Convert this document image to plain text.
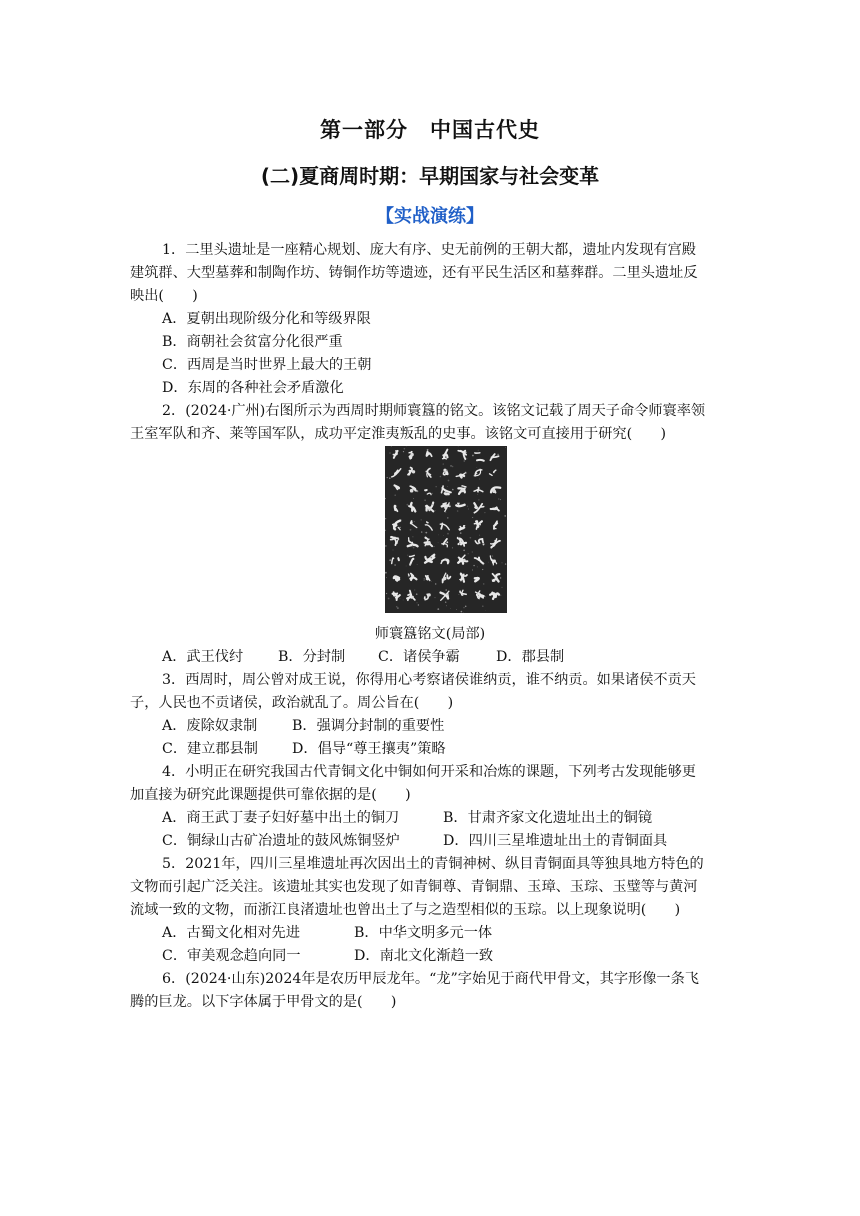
第一部分　中国古代史
(二)夏商周时期：早期国家与社会变革
【实战演练】
1．二里头遗址是一座精心规划、庞大有序、史无前例的王朝大都，遗址内发现有宫殿
建筑群、大型墓葬和制陶作坊、铸铜作坊等遗迹，还有平民生活区和墓葬群。二里头遗址反
映出(　　)
A．夏朝出现阶级分化和等级界限
B．商朝社会贫富分化很严重
C．西周是当时世界上最大的王朝
D．东周的各种社会矛盾激化
2．(2024·广州)右图所示为西周时期师寰簋的铭文。该铭文记载了周天子命令师寰率领
王室军队和齐、莱等国军队，成功平定淮夷叛乱的史事。该铭文可直接用于研究(　　)
师寰簋铭文(局部)
A．武王伐纣 B．分封制 C．诸侯争霸	D．郡县制
3．西周时，周公曾对成王说，你得用心考察诸侯谁纳贡，谁不纳贡。如果诸侯不贡天
子，人民也不贡诸侯，政治就乱了。周公旨在(　　)
A．废除奴隶制 B．强调分封制的重要性
C．建立郡县制 D．倡导“尊王攘夷”策略
4．小明正在研究我国古代青铜文化中铜如何开采和冶炼的课题，下列考古发现能够更
加直接为研究此课题提供可靠依据的是(　　)
A．商王武丁妻子妇好墓中出土的铜刀	B．甘肃齐家文化遗址出土的铜镜
C．铜绿山古矿冶遗址的鼓风炼铜竖炉	D．四川三星堆遗址出土的青铜面具
5．2021年，四川三星堆遗址再次因出土的青铜神树、纵目青铜面具等独具地方特色的
文物而引起广泛关注。该遗址其实也发现了如青铜尊、青铜鼎、玉璋、玉琮、玉璧等与黄河
流域一致的文物，而浙江良渚遗址也曾出土了与之造型相似的玉琮。以上现象说明(　　)
A．古蜀文化相对先进	B．中华文明多元一体
C．审美观念趋向同一	D．南北文化渐趋一致
6．(2024·山东)2024年是农历甲辰龙年。“龙”字始见于商代甲骨文，其字形像一条飞
腾的巨龙。以下字体属于甲骨文的是(　　)
